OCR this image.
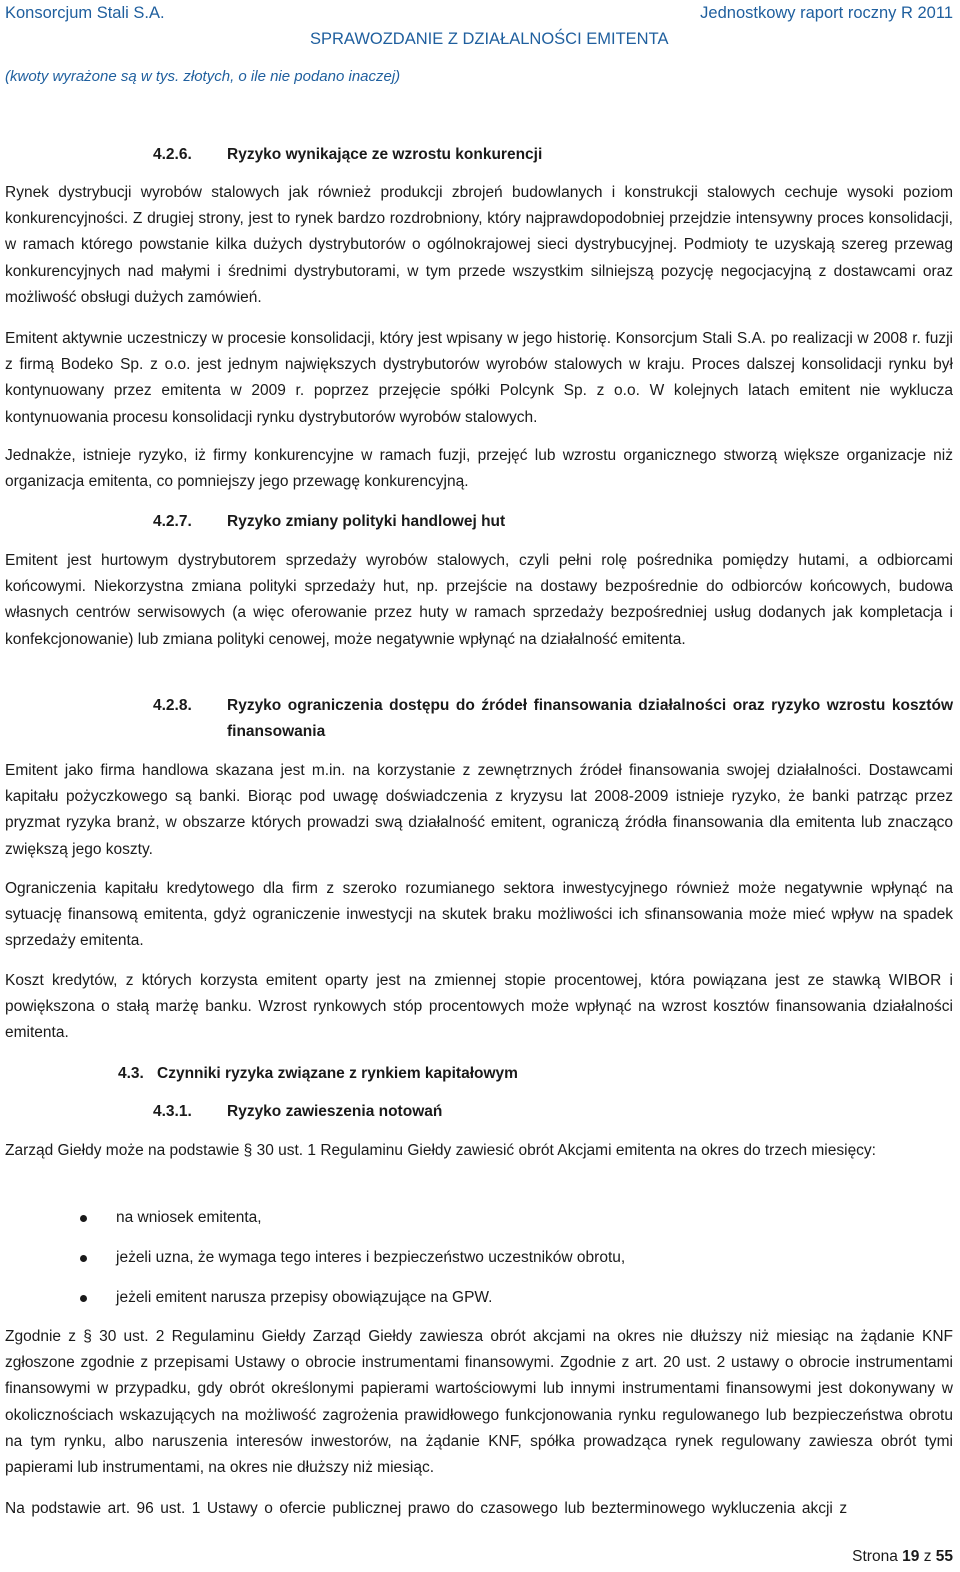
Konsorcjum Stali S.A.	Jednostkowy raport roczny R 2011
SPRAWOZDANIE Z DZIAŁALNOŚCI EMITENTA
(kwoty wyrażone są w tys. złotych, o ile nie podano inaczej)
4.2.6. Ryzyko wynikające ze wzrostu konkurencji

Rynek dystrybucji wyrobów stalowych jak również produkcji zbrojeń budowlanych i konstrukcji stalowych cechuje wysoki poziom konkurencyjności. Z drugiej strony, jest to rynek bardzo rozdrobniony, który najprawdopodobniej przejdzie intensywny proces konsolidacji, w ramach którego powstanie kilka dużych dystrybutorów o ogólnokrajowej sieci dystrybucyjnej. Podmioty te uzyskają szereg przewag konkurencyjnych nad małymi i średnimi dystrybutorami, w tym przede wszystkim silniejszą pozycję negocjacyjną z dostawcami oraz możliwość obsługi dużych zamówień.

Emitent aktywnie uczestniczy w procesie konsolidacji, który jest wpisany w jego historię. Konsorcjum Stali S.A. po realizacji w 2008 r. fuzji z firmą Bodeko Sp. z o.o. jest jednym największych dystrybutorów wyrobów stalowych w kraju. Proces dalszej konsolidacji rynku był kontynuowany przez emitenta w 2009 r. poprzez przejęcie spółki Polcynk Sp. z o.o. W kolejnych latach emitent nie wyklucza kontynuowania procesu konsolidacji rynku dystrybutorów wyrobów stalowych.

Jednakże, istnieje ryzyko, iż firmy konkurencyjne w ramach fuzji, przejęć lub wzrostu organicznego stworzą większe organizacje niż organizacja emitenta, co pomniejszy jego przewagę konkurencyjną.

4.2.7. Ryzyko zmiany polityki handlowej hut

Emitent jest hurtowym dystrybutorem sprzedaży wyrobów stalowych, czyli pełni rolę pośrednika pomiędzy hutami, a odbiorcami końcowymi. Niekorzystna zmiana polityki sprzedaży hut, np. przejście na dostawy bezpośrednie do odbiorców końcowych, budowa własnych centrów serwisowych (a więc oferowanie przez huty w ramach sprzedaży bezpośredniej usług dodanych jak kompletacja i konfekcjonowanie) lub zmiana polityki cenowej, może negatywnie wpłynąć na działalność emitenta.

4.2.8. Ryzyko ograniczenia dostępu do źródeł finansowania działalności oraz ryzyko wzrostu kosztów finansowania

Emitent jako firma handlowa skazana jest m.in. na korzystanie z zewnętrznych źródeł finansowania swojej działalności. Dostawcami kapitału pożyczkowego są banki. Biorąc pod uwagę doświadczenia z kryzysu lat 2008-2009 istnieje ryzyko, że banki patrząc przez pryzmat ryzyka branż, w obszarze których prowadzi swą działalność emitent, ograniczą źródła finansowania dla emitenta lub znacząco zwiększą jego koszty.

Ograniczenia kapitału kredytowego dla firm z szeroko rozumianego sektora inwestycyjnego również może negatywnie wpłynąć na sytuację finansową emitenta, gdyż ograniczenie inwestycji na skutek braku możliwości ich sfinansowania może mieć wpływ na spadek sprzedaży emitenta.

Koszt kredytów, z których korzysta emitent oparty jest na zmiennej stopie procentowej, która powiązana jest ze stawką WIBOR i powiększona o stałą marżę banku. Wzrost rynkowych stóp procentowych może wpłynąć na wzrost kosztów finansowania działalności emitenta.

4.3. Czynniki ryzyka związane z rynkiem kapitałowym
4.3.1. Ryzyko zawieszenia notowań

Zarząd Giełdy może na podstawie § 30 ust. 1 Regulaminu Giełdy zawiesić obrót Akcjami emitenta na okres do trzech miesięcy:

na wniosek emitenta,
jeżeli uzna, że wymaga tego interes i bezpieczeństwo uczestników obrotu,
jeżeli emitent narusza przepisy obowiązujące na GPW.

Zgodnie z § 30 ust. 2 Regulaminu Giełdy Zarząd Giełdy zawiesza obrót akcjami na okres nie dłuższy niż miesiąc na żądanie KNF zgłoszone zgodnie z przepisami Ustawy o obrocie instrumentami finansowymi. Zgodnie z art. 20 ust. 2 ustawy o obrocie instrumentami finansowymi w przypadku, gdy obrót określonymi papierami wartościowymi lub innymi instrumentami finansowymi jest dokonywany w okolicznościach wskazujących na możliwość zagrożenia prawidłowego funkcjonowania rynku regulowanego lub bezpieczeństwa obrotu na tym rynku, albo naruszenia interesów inwestorów, na żądanie KNF, spółka prowadząca rynek regulowany zawiesza obrót tymi papierami lub instrumentami, na okres nie dłuższy niż miesiąc.

Na podstawie art. 96 ust. 1 Ustawy o ofercie publicznej prawo do czasowego lub bezterminowego wykluczenia akcji z

Strona 19 z 55
